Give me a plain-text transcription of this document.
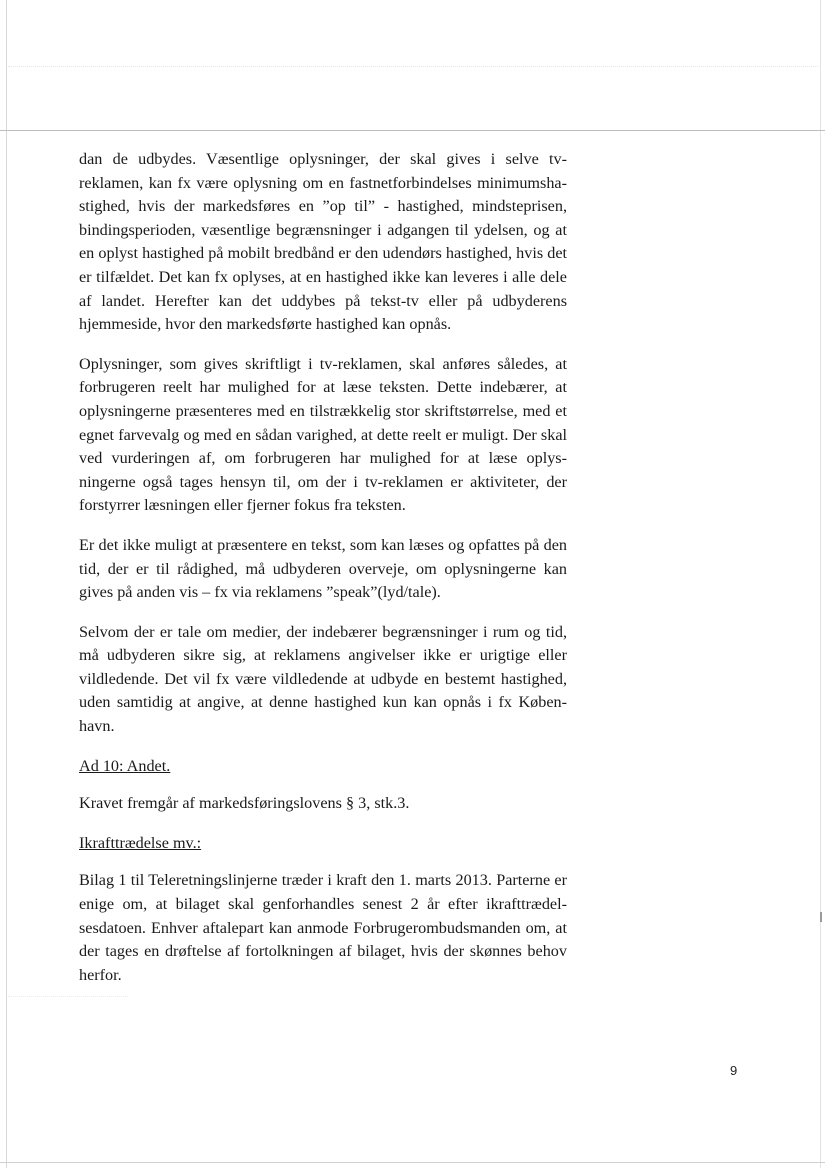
dan de udbydes. Væsentlige oplysninger, der skal gives i selve tv-reklamen, kan fx være oplysning om en fastnetforbindelses minimumshastighed, hvis der markedsføres en ”op til” - hastighed, mindsteprisen, bindingsperioden, væsentlige begrænsninger i adgangen til ydelsen, og at en oplyst hastighed på mobilt bredbånd er den udendørs hastighed, hvis det er tilfældet. Det kan fx oplyses, at en hastighed ikke kan leveres i alle dele af landet. Herefter kan det uddybes på tekst-tv eller på udbyderens hjemmeside, hvor den markedsførte hastighed kan opnås.

Oplysninger, som gives skriftligt i tv-reklamen, skal anføres således, at forbrugeren reelt har mulighed for at læse teksten. Dette indebærer, at oplysningerne præsenteres med en tilstrækkelig stor skriftstørrelse, med et egnet farvevalg og med en sådan varighed, at dette reelt er muligt. Der skal ved vurderingen af, om forbrugeren har mulighed for at læse oplysningerne også tages hensyn til, om der i tv-reklamen er aktiviteter, der forstyrrer læsningen eller fjerner fokus fra teksten.

Er det ikke muligt at præsentere en tekst, som kan læses og opfattes på den tid, der er til rådighed, må udbyderen overveje, om oplysningerne kan gives på anden vis – fx via reklamens ”speak”(lyd/tale).

Selvom der er tale om medier, der indebærer begrænsninger i rum og tid, må udbyderen sikre sig, at reklamens angivelser ikke er urigtige eller vildledende. Det vil fx være vildledende at udbyde en bestemt hastighed, uden samtidig at angive, at denne hastighed kun kan opnås i fx København.

Ad 10: Andet.

Kravet fremgår af markedsføringslovens § 3, stk.3.

Ikrafttrædelse mv.:

Bilag 1 til Teleretningslinjerne træder i kraft den 1. marts 2013. Parterne er enige om, at bilaget skal genforhandles senest 2 år efter ikrafttrædelsesdatoen. Enhver aftalepart kan anmode Forbrugerombudsmanden om, at der tages en drøftelse af fortolkningen af bilaget, hvis der skønnes behov herfor.

9
